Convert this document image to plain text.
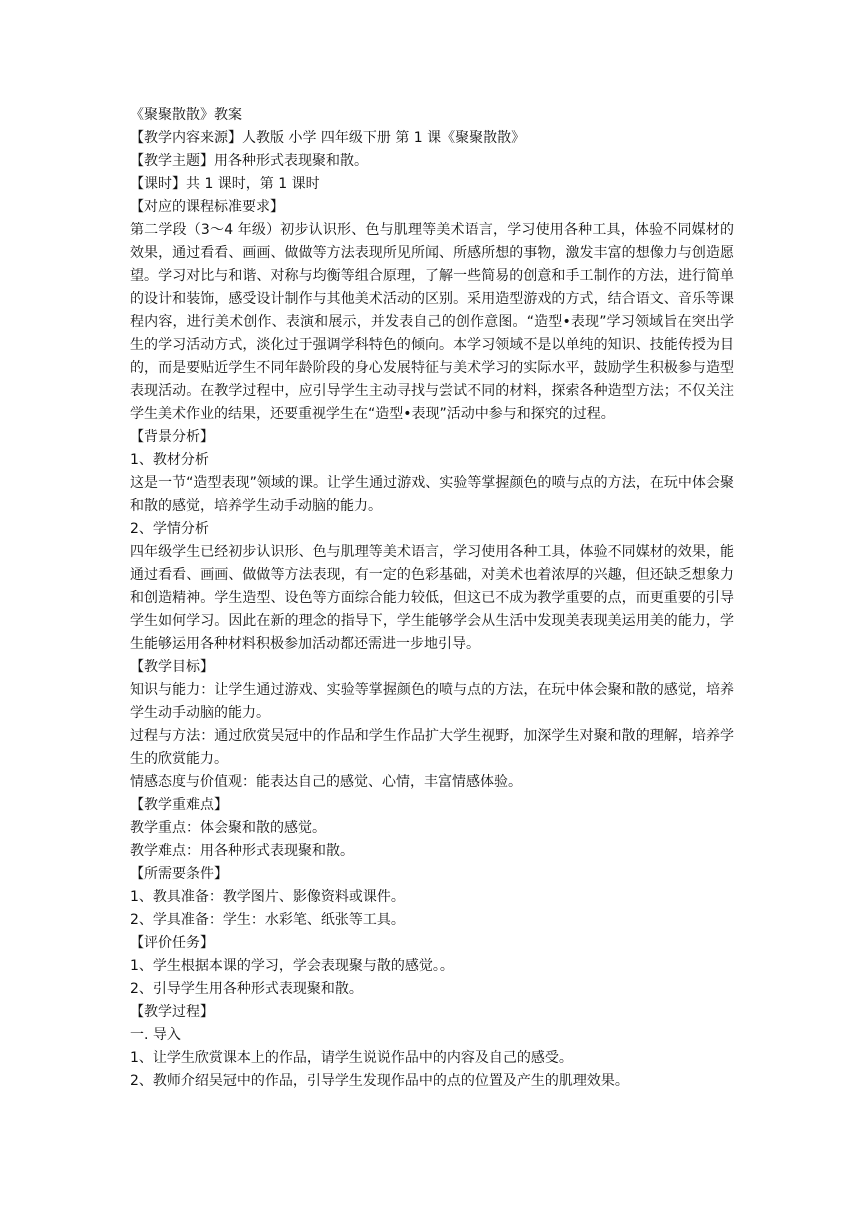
《聚聚散散》教案
【教学内容来源】人教版 小学 四年级下册 第 1 课《聚聚散散》
【教学主题】用各种形式表现聚和散。
【课时】共 1 课时，第 1 课时
【对应的课程标准要求】
第二学段（3～4 年级）初步认识形、色与肌理等美术语言，学习使用各种工具，体验不同媒材的效果，通过看看、画画、做做等方法表现所见所闻、所感所想的事物，激发丰富的想像力与创造愿望。学习对比与和谐、对称与均衡等组合原理，了解一些简易的创意和手工制作的方法，进行简单的设计和装饰，感受设计制作与其他美术活动的区别。采用造型游戏的方式，结合语文、音乐等课程内容，进行美术创作、表演和展示，并发表自己的创作意图。“造型•表现”学习领域旨在突出学生的学习活动方式，淡化过于强调学科特色的倾向。本学习领域不是以单纯的知识、技能传授为目的，而是要贴近学生不同年龄阶段的身心发展特征与美术学习的实际水平，鼓励学生积极参与造型表现活动。在教学过程中，应引导学生主动寻找与尝试不同的材料，探索各种造型方法；不仅关注学生美术作业的结果，还要重视学生在“造型•表现”活动中参与和探究的过程。
【背景分析】
1、教材分析
这是一节“造型表现”领域的课。让学生通过游戏、实验等掌握颜色的喷与点的方法，在玩中体会聚和散的感觉，培养学生动手动脑的能力。
2、学情分析
四年级学生已经初步认识形、色与肌理等美术语言，学习使用各种工具，体验不同媒材的效果，能通过看看、画画、做做等方法表现，有一定的色彩基础，对美术也着浓厚的兴趣，但还缺乏想象力和创造精神。学生造型、设色等方面综合能力较低，但这已不成为教学重要的点，而更重要的引导学生如何学习。因此在新的理念的指导下，学生能够学会从生活中发现美表现美运用美的能力，学生能够运用各种材料积极参加活动都还需进一步地引导。
【教学目标】
知识与能力：让学生通过游戏、实验等掌握颜色的喷与点的方法，在玩中体会聚和散的感觉，培养学生动手动脑的能力。
过程与方法：通过欣赏吴冠中的作品和学生作品扩大学生视野，加深学生对聚和散的理解，培养学生的欣赏能力。
情感态度与价值观：能表达自己的感觉、心情，丰富情感体验。
【教学重难点】
教学重点：体会聚和散的感觉。
教学难点：用各种形式表现聚和散。
【所需要条件】
1、教具准备：教学图片、影像资料或课件。
2、学具准备：学生：水彩笔、纸张等工具。
【评价任务】
1、学生根据本课的学习，学会表现聚与散的感觉。。
2、引导学生用各种形式表现聚和散。
【教学过程】
一. 导入
1、让学生欣赏课本上的作品，请学生说说作品中的内容及自己的感受。
2、教师介绍吴冠中的作品，引导学生发现作品中的点的位置及产生的肌理效果。
